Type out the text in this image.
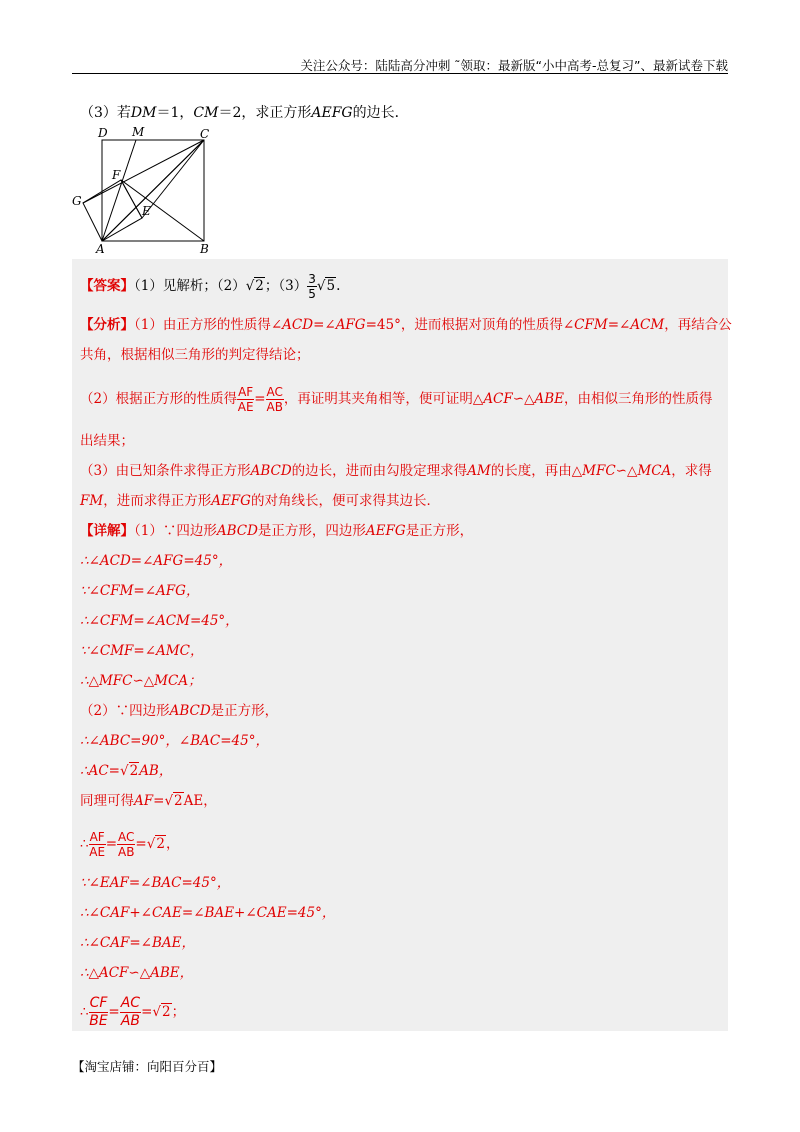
关注公众号：陆陆高分冲刺 ˜领取：最新版“小中高考-总复习”、最新试卷下载
（3）若DM＝1，CM＝2，求正方形AEFG的边长．
D M	C
F
G
E
A	B
【答案】（1）见解析；（2）√2；$(3) \frac{3}{5} √5$.
【分析】（1）由正方形的性质得∠ACD=∠AFG=45°，进而根据对顶角的性质得∠CFM=∠ACM，再结合公
共角，根据相似三角形的判定得结论；
（2）根据正方形的性质得 $\frac{AF}{AE} = \frac{AC}{AB}$ ，再证明其夹角相等，便可证明△ACF∽△ABE，由相似三角形的性质得
出结果；
（3）由已知条件求得正方形ABCD的边长，进而由勾股定理求得AM的长度，再由△MFC∽△MCA，求得
FM，进而求得正方形AEFG的对角线长，便可求得其边长．
【详解】（1）∵四边形ABCD是正方形，四边形AEFG是正方形，
∴∠ACD=∠AFG=45°，
∵∠CFM=∠AFG，
∴∠CFM=∠ACM=45°，
∵∠CMF=∠AMC，
∴△MFC∽△MCA；
（2）∵四边形ABCD是正方形，
∴∠ABC=90°，∠BAC=45°，
∴AC=√2AB，
同理可得AF=√2AE，
∴ $\frac{AF}{AE} = \frac{AC}{AB} =√2$，
∵∠EAF=∠BAC=45°，
∴∠CAF+∠CAE=∠BAE+∠CAE=45°，
∴∠CAF=∠BAE，
∴△ACF∽△ABE，
∴ $\frac{CF}{BE} = \frac{AC}{AB} =√2$；
【淘宝店铺：向阳百分百】
